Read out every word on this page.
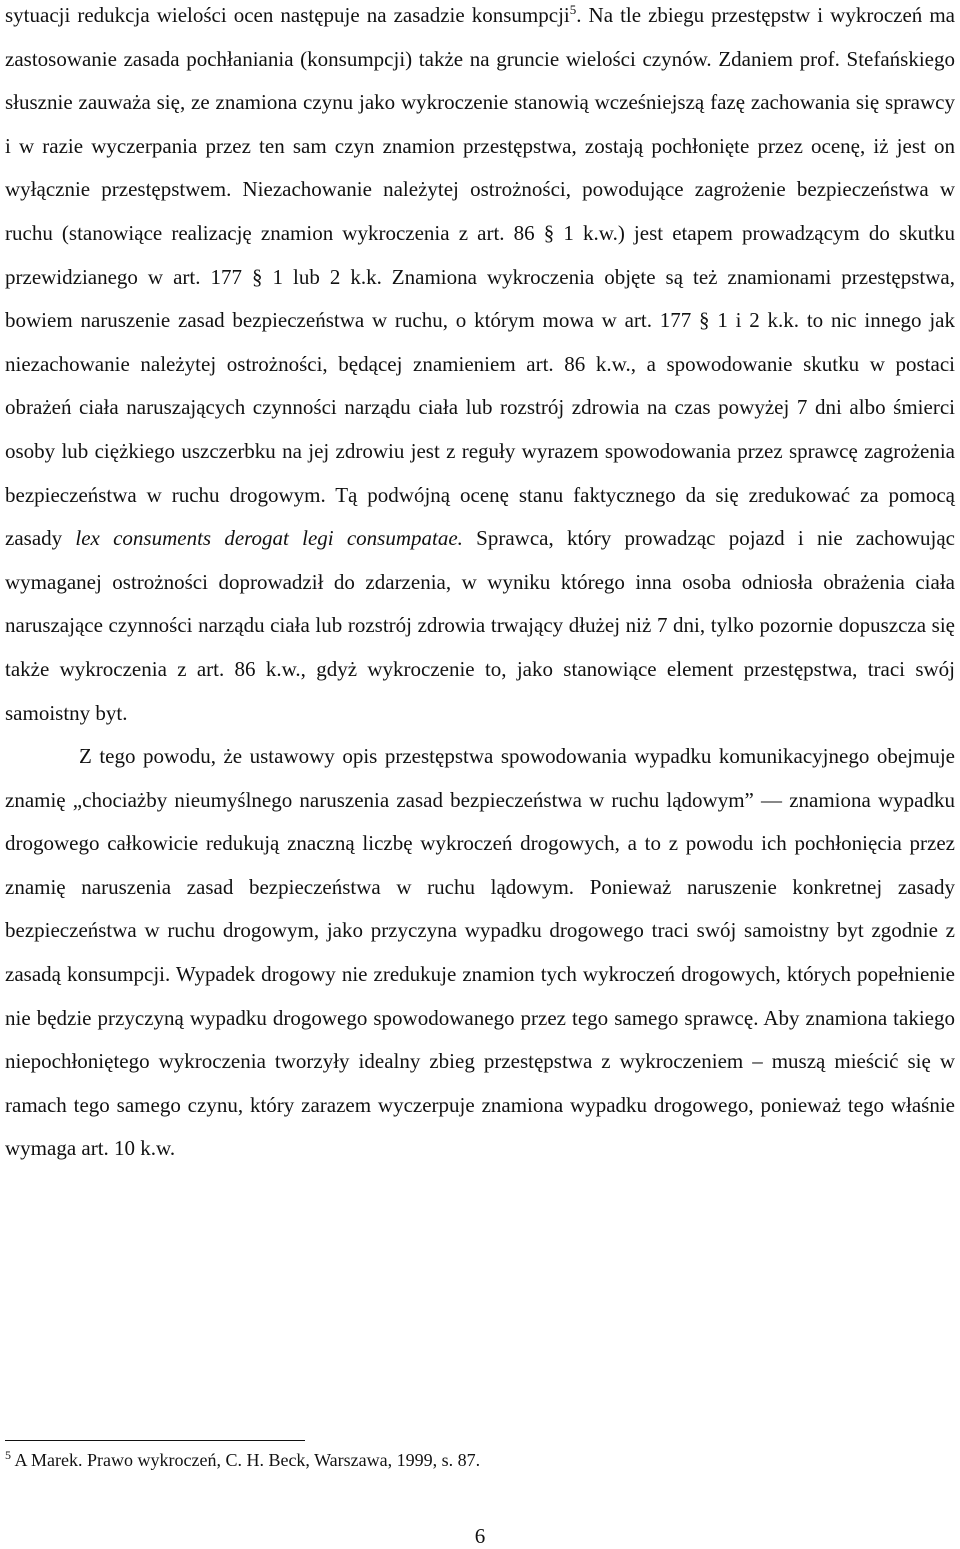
sytuacji redukcja wielości ocen następuje na zasadzie konsumpcji$^5$. Na tle zbiegu przestępstw i wykroczeń ma zastosowanie zasada pochłaniania (konsumpcji) także na gruncie wielości czynów. Zdaniem prof. Stefańskiego słusznie zauważa się, ze znamiona czynu jako wykroczenie stanowią wcześniejszą fazę zachowania się sprawcy i w razie wyczerpania przez ten sam czyn znamion przestępstwa, zostają pochłonięte przez ocenę, iż jest on wyłącznie przestępstwem. Niezachowanie należytej ostrożności, powodujące zagrożenie bezpieczeństwa w ruchu (stanowiące realizację znamion wykroczenia z art. 86 § 1 k.w.) jest etapem prowadzącym do skutku przewidzianego w art. 177 § 1 lub 2 k.k. Znamiona wykroczenia objęte są też znamionami przestępstwa, bowiem naruszenie zasad bezpieczeństwa w ruchu, o którym mowa w art. 177 § 1 i 2 k.k. to nic innego jak niezachowanie należytej ostrożności, będącej znamieniem art. 86 k.w., a spowodowanie skutku w postaci obrażeń ciała naruszających czynności narządu ciała lub rozstrój zdrowia na czas powyżej 7 dni albo śmierci osoby lub ciężkiego uszczerbku na jej zdrowiu jest z reguły wyrazem spowodowania przez sprawcę zagrożenia bezpieczeństwa w ruchu drogowym. Tą podwójną ocenę stanu faktycznego da się zredukować za pomocą zasady lex consuments derogat legi consumpatae. Sprawca, który prowadząc pojazd i nie zachowując wymaganej ostrożności doprowadził do zdarzenia, w wyniku którego inna osoba odniosła obrażenia ciała naruszające czynności narządu ciała lub rozstrój zdrowia trwający dłużej niż 7 dni, tylko pozornie dopuszcza się także wykroczenia z art. 86 k.w., gdyż wykroczenie to, jako stanowiące element przestępstwa, traci swój samoistny byt.

Z tego powodu, że ustawowy opis przestępstwa spowodowania wypadku komunikacyjnego obejmuje znamię „chociażby nieumyślnego naruszenia zasad bezpieczeństwa w ruchu lądowym” — znamiona wypadku drogowego całkowicie redukują znaczną liczbę wykroczeń drogowych, a to z powodu ich pochłonięcia przez znamię naruszenia zasad bezpieczeństwa w ruchu lądowym. Ponieważ naruszenie konkretnej zasady bezpieczeństwa w ruchu drogowym, jako przyczyna wypadku drogowego traci swój samoistny byt zgodnie z zasadą konsumpcji. Wypadek drogowy nie zredukuje znamion tych wykroczeń drogowych, których popełnienie nie będzie przyczyną wypadku drogowego spowodowanego przez tego samego sprawcę. Aby znamiona takiego niepochłoniętego wykroczenia tworzyły idealny zbieg przestępstwa z wykroczeniem – muszą mieścić się w ramach tego samego czynu, który zarazem wyczerpuje znamiona wypadku drogowego, ponieważ tego właśnie wymaga art. 10 k.w.

$^5$ A Marek. Prawo wykroczeń, C. H. Beck, Warszawa, 1999, s. 87.
6
